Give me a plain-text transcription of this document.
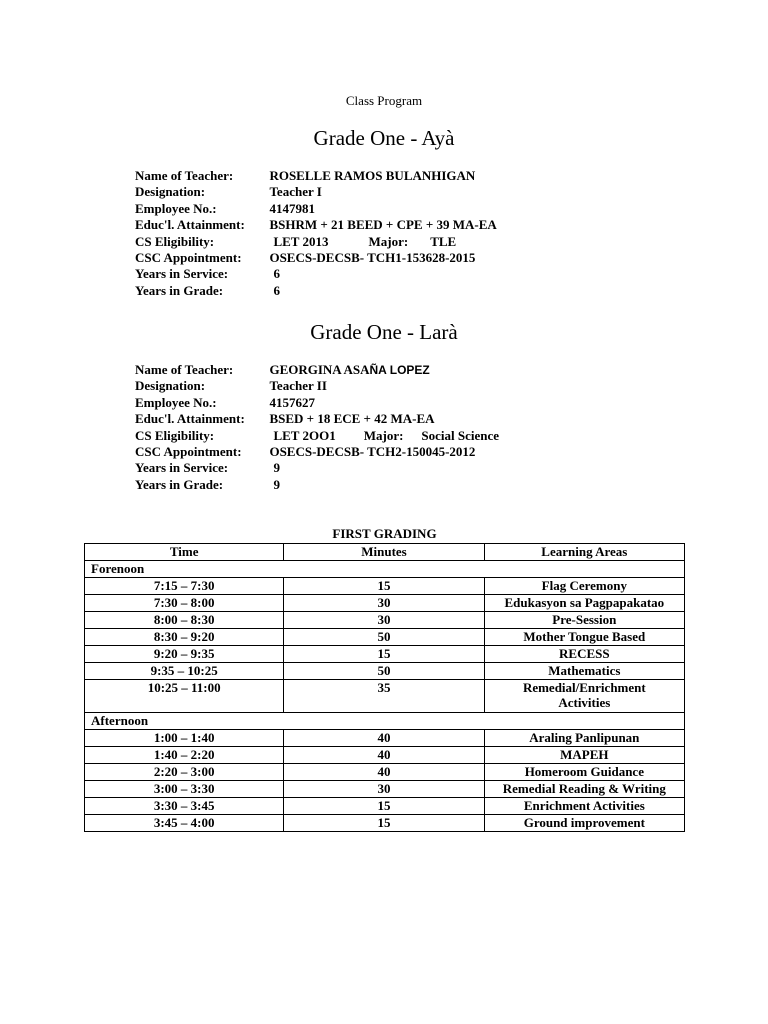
Class Program
Grade One - Ayà
Name of Teacher:	ROSELLE RAMOS BULANHIGAN
Designation:	Teacher I
Employee No.:	4147981
Educ'l. Attainment:	BSHRM + 21 BEED + CPE + 39 MA-EA
CS Eligibility:	LET 2013 Major: TLE
CSC Appointment:	OSECS-DECSB- TCH1-153628-2015
Years in Service:	6
Years in Grade:	6
Grade One - Larà
Name of Teacher:	GEORGINA ASAÑA LOPEZ
Designation:	Teacher II
Employee No.:	4157627
Educ'l. Attainment:	BSED + 18 ECE + 42 MA-EA
CS Eligibility:	LET 2OO1 Major: Social Science
CSC Appointment:	OSECS-DECSB- TCH2-150045-2012
Years in Service:	9
Years in Grade:	9
FIRST GRADING
Time	Minutes	Learning Areas
Forenoon		
7:15 – 7:30	15	Flag Ceremony
7:30 – 8:00	30	Edukasyon sa Pagpapakatao
8:00 – 8:30	30	Pre-Session
8:30 – 9:20	50	Mother Tongue Based
9:20 – 9:35	15	RECESS
9:35 – 10:25	50	Mathematics
10:25 – 11:00	35	Remedial/Enrichment
Activities

Afternoon		
1:00 – 1:40	40	Araling Panlipunan
1:40 – 2:20	40	MAPEH
2:20 – 3:00	40	Homeroom Guidance
3:00 – 3:30	30	Remedial Reading & Writing
3:30 – 3:45	15	Enrichment Activities
3:45 – 4:00	15	Ground improvement
